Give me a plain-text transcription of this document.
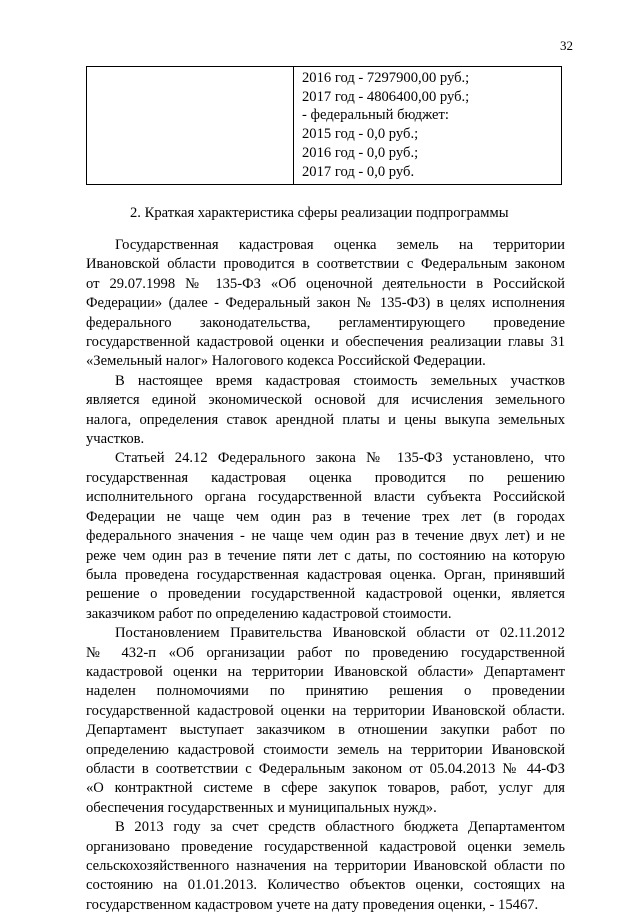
32

2016 год - 7297900,00 руб.;
2017 год - 4806400,00 руб.;
- федеральный бюджет:
2015 год - 0,0 руб.;
2016 год - 0,0 руб.;
2017 год - 0,0 руб.
2. Краткая характеристика сферы реализации подпрограммы
Государственная кадастровая оценка земель на территории
Ивановской области проводится в соответствии с Федеральным законом
от 29.07.1998 № 135-ФЗ «Об оценочной деятельности в Российской
Федерации» (далее - Федеральный закон № 135-ФЗ) в целях исполнения
федерального законодательства, регламентирующего проведение
государственной кадастровой оценки и обеспечения реализации главы 31
«Земельный налог» Налогового кодекса Российской Федерации.
В настоящее время кадастровая стоимость земельных участков
является единой экономической основой для исчисления земельного
налога, определения ставок арендной платы и цены выкупа земельных
участков.
Статьей 24.12 Федерального закона № 135-ФЗ установлено, что
государственная кадастровая оценка проводится по решению
исполнительного органа государственной власти субъекта Российской
Федерации не чаще чем один раз в течение трех лет (в городах
федерального значения - не чаще чем один раз в течение двух лет) и не
реже чем один раз в течение пяти лет с даты, по состоянию на которую
была проведена государственная кадастровая оценка. Орган, принявший
решение о проведении государственной кадастровой оценки, является
заказчиком работ по определению кадастровой стоимости.
Постановлением Правительства Ивановской области от 02.11.2012
№ 432-п «Об организации работ по проведению государственной
кадастровой оценки на территории Ивановской области» Департамент
наделен полномочиями по принятию решения о проведении
государственной кадастровой оценки на территории Ивановской области.
Департамент выступает заказчиком в отношении закупки работ по
определению кадастровой стоимости земель на территории Ивановской
области в соответствии с Федеральным законом от 05.04.2013 № 44-ФЗ
«О контрактной системе в сфере закупок товаров, работ, услуг для
обеспечения государственных и муниципальных нужд».
В 2013 году за счет средств областного бюджета Департаментом
организовано проведение государственной кадастровой оценки земель
сельскохозяйственного назначения на территории Ивановской области по
состоянию на 01.01.2013. Количество объектов оценки, состоящих на
государственном кадастровом учете на дату проведения оценки, - 15467.
